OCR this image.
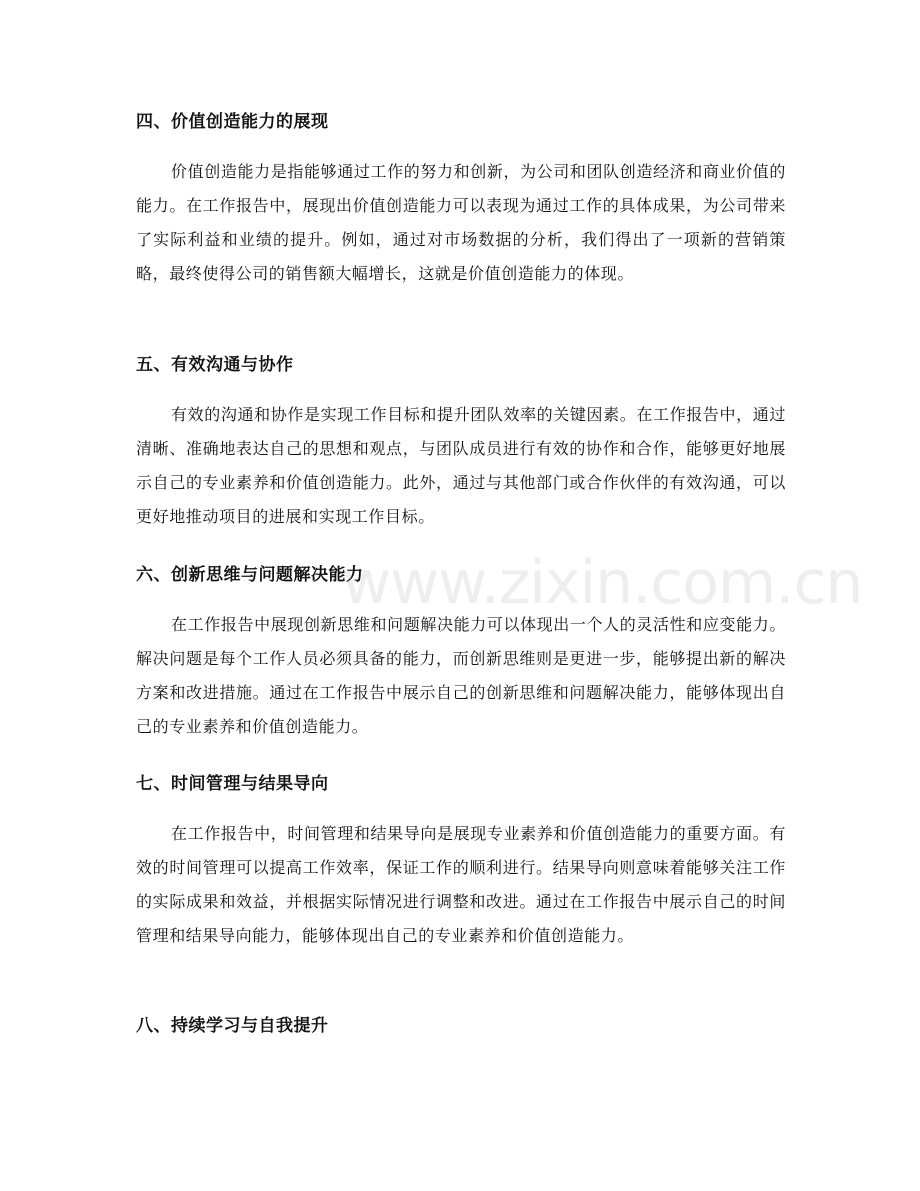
四、价值创造能力的展现
价值创造能力是指能够通过工作的努力和创新，为公司和团队创造经济和商业价值的能力。在工作报告中，展现出价值创造能力可以表现为通过工作的具体成果，为公司带来了实际利益和业绩的提升。例如，通过对市场数据的分析，我们得出了一项新的营销策略，最终使得公司的销售额大幅增长，这就是价值创造能力的体现。
五、有效沟通与协作
有效的沟通和协作是实现工作目标和提升团队效率的关键因素。在工作报告中，通过清晰、准确地表达自己的思想和观点，与团队成员进行有效的协作和合作，能够更好地展示自己的专业素养和价值创造能力。此外，通过与其他部门或合作伙伴的有效沟通，可以更好地推动项目的进展和实现工作目标。
六、创新思维与问题解决能力
在工作报告中展现创新思维和问题解决能力可以体现出一个人的灵活性和应变能力。解决问题是每个工作人员必须具备的能力，而创新思维则是更进一步，能够提出新的解决方案和改进措施。通过在工作报告中展示自己的创新思维和问题解决能力，能够体现出自己的专业素养和价值创造能力。
七、时间管理与结果导向
在工作报告中，时间管理和结果导向是展现专业素养和价值创造能力的重要方面。有效的时间管理可以提高工作效率，保证工作的顺利进行。结果导向则意味着能够关注工作的实际成果和效益，并根据实际情况进行调整和改进。通过在工作报告中展示自己的时间管理和结果导向能力，能够体现出自己的专业素养和价值创造能力。
八、持续学习与自我提升
www.zixin.com.cn
